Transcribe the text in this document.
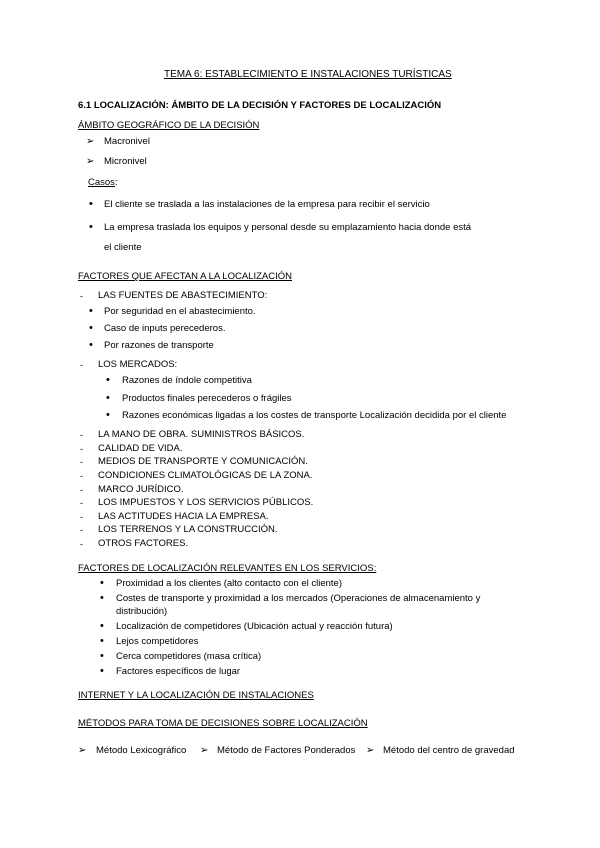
TEMA 6: ESTABLECIMIENTO E INSTALACIONES TURÍSTICAS
6.1 LOCALIZACIÓN: ÁMBITO DE LA DECISIÓN Y FACTORES DE LOCALIZACIÓN
ÁMBITO GEOGRÁFICO DE LA DECISIÓN
➢ Macronivel
➢ Micronivel
Casos:
• El cliente se traslada a las instalaciones de la empresa para recibir el servicio
• La empresa traslada los equipos y personal desde su emplazamiento hacia donde está
el cliente
FACTORES QUE AFECTAN A LA LOCALIZACIÓN
- LAS FUENTES DE ABASTECIMIENTO:
• Por seguridad en el abastecimiento.
• Caso de inputs perecederos.
• Por razones de transporte
- LOS MERCADOS:
• Razones de índole competitiva
• Productos finales perecederos o frágiles
• Razones económicas ligadas a los costes de transporte Localización decidida por el cliente
- LA MANO DE OBRA. SUMINISTROS BÁSICOS.
- CALIDAD DE VIDA.
- MEDIOS DE TRANSPORTE Y COMUNICACIÓN.
- CONDICIONES CLIMATOLÓGICAS DE LA ZONA.
- MARCO JURÍDICO.
- LOS IMPUESTOS Y LOS SERVICIOS PÚBLICOS.
- LAS ACTITUDES HACIA LA EMPRESA.
- LOS TERRENOS Y LA CONSTRUCCIÓN.
- OTROS FACTORES.
FACTORES DE LOCALIZACIÓN RELEVANTES EN LOS SERVICIOS:
• Proximidad a los clientes (alto contacto con el cliente)
• Costes de transporte y proximidad a los mercados (Operaciones de almacenamiento y
distribución)
• Localización de competidores (Ubicación actual y reacción futura)
• Lejos competidores
• Cerca competidores (masa crítica)
• Factores específicos de lugar
INTERNET Y LA LOCALIZACIÓN DE INSTALACIONES
MÉTODOS PARA TOMA DE DECISIONES SOBRE LOCALIZACIÓN
➢ Método Lexicográfico ➢ Método de Factores Ponderados ➢ Método del centro de gravedad
